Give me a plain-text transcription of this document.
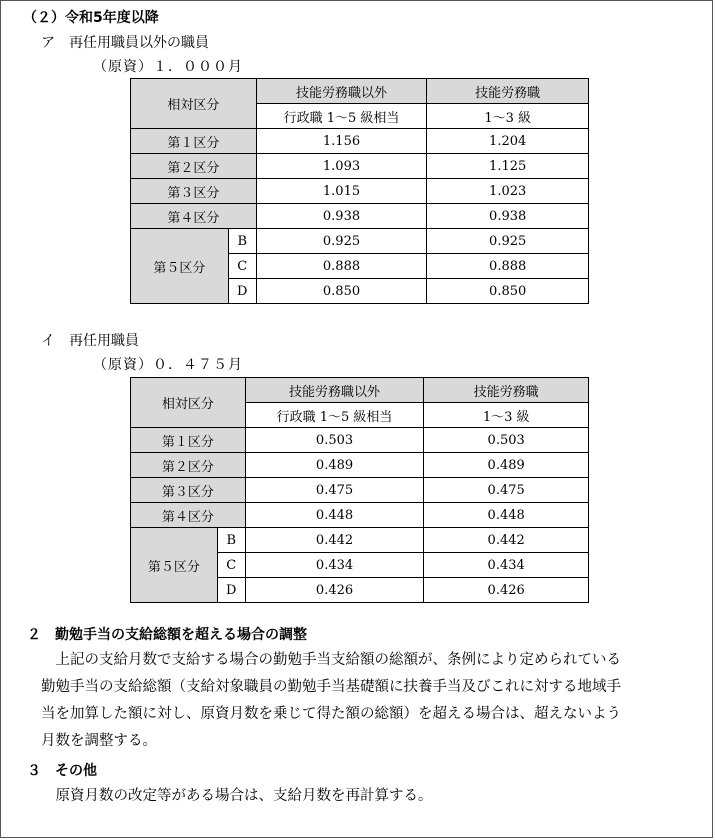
（２）令和5年度以降
ア　再任用職員以外の職員
（原資）１．０００月
相対区分		技能労務職以外	技能労務職
		行政職 1〜5 級相当	1〜3 級
第１区分		1.156	1.204
第２区分		1.093	1.125
第３区分		1.015	1.023
第４区分		0.938	0.938
第５区分	B	0.925	0.925
	C	0.888	0.888
	D	0.850	0.850
イ　再任用職員
（原資）０．４７５月
相対区分		技能労務職以外	技能労務職
		行政職 1〜5 級相当	1〜3 級
第１区分		0.503	0.503
第２区分		0.489	0.489
第３区分		0.475	0.475
第４区分		0.448	0.448
第５区分	B	0.442	0.442
	C	0.434	0.434
	D	0.426	0.426
２　勤勉手当の支給総額を超える場合の調整
　上記の支給月数で支給する場合の勤勉手当支給額の総額が、条例により定められている
勤勉手当の支給総額（支給対象職員の勤勉手当基礎額に扶養手当及びこれに対する地域手
当を加算した額に対し、原資月数を乗じて得た額の総額）を超える場合は、超えないよう
月数を調整する。
３　その他
　原資月数の改定等がある場合は、支給月数を再計算する。
